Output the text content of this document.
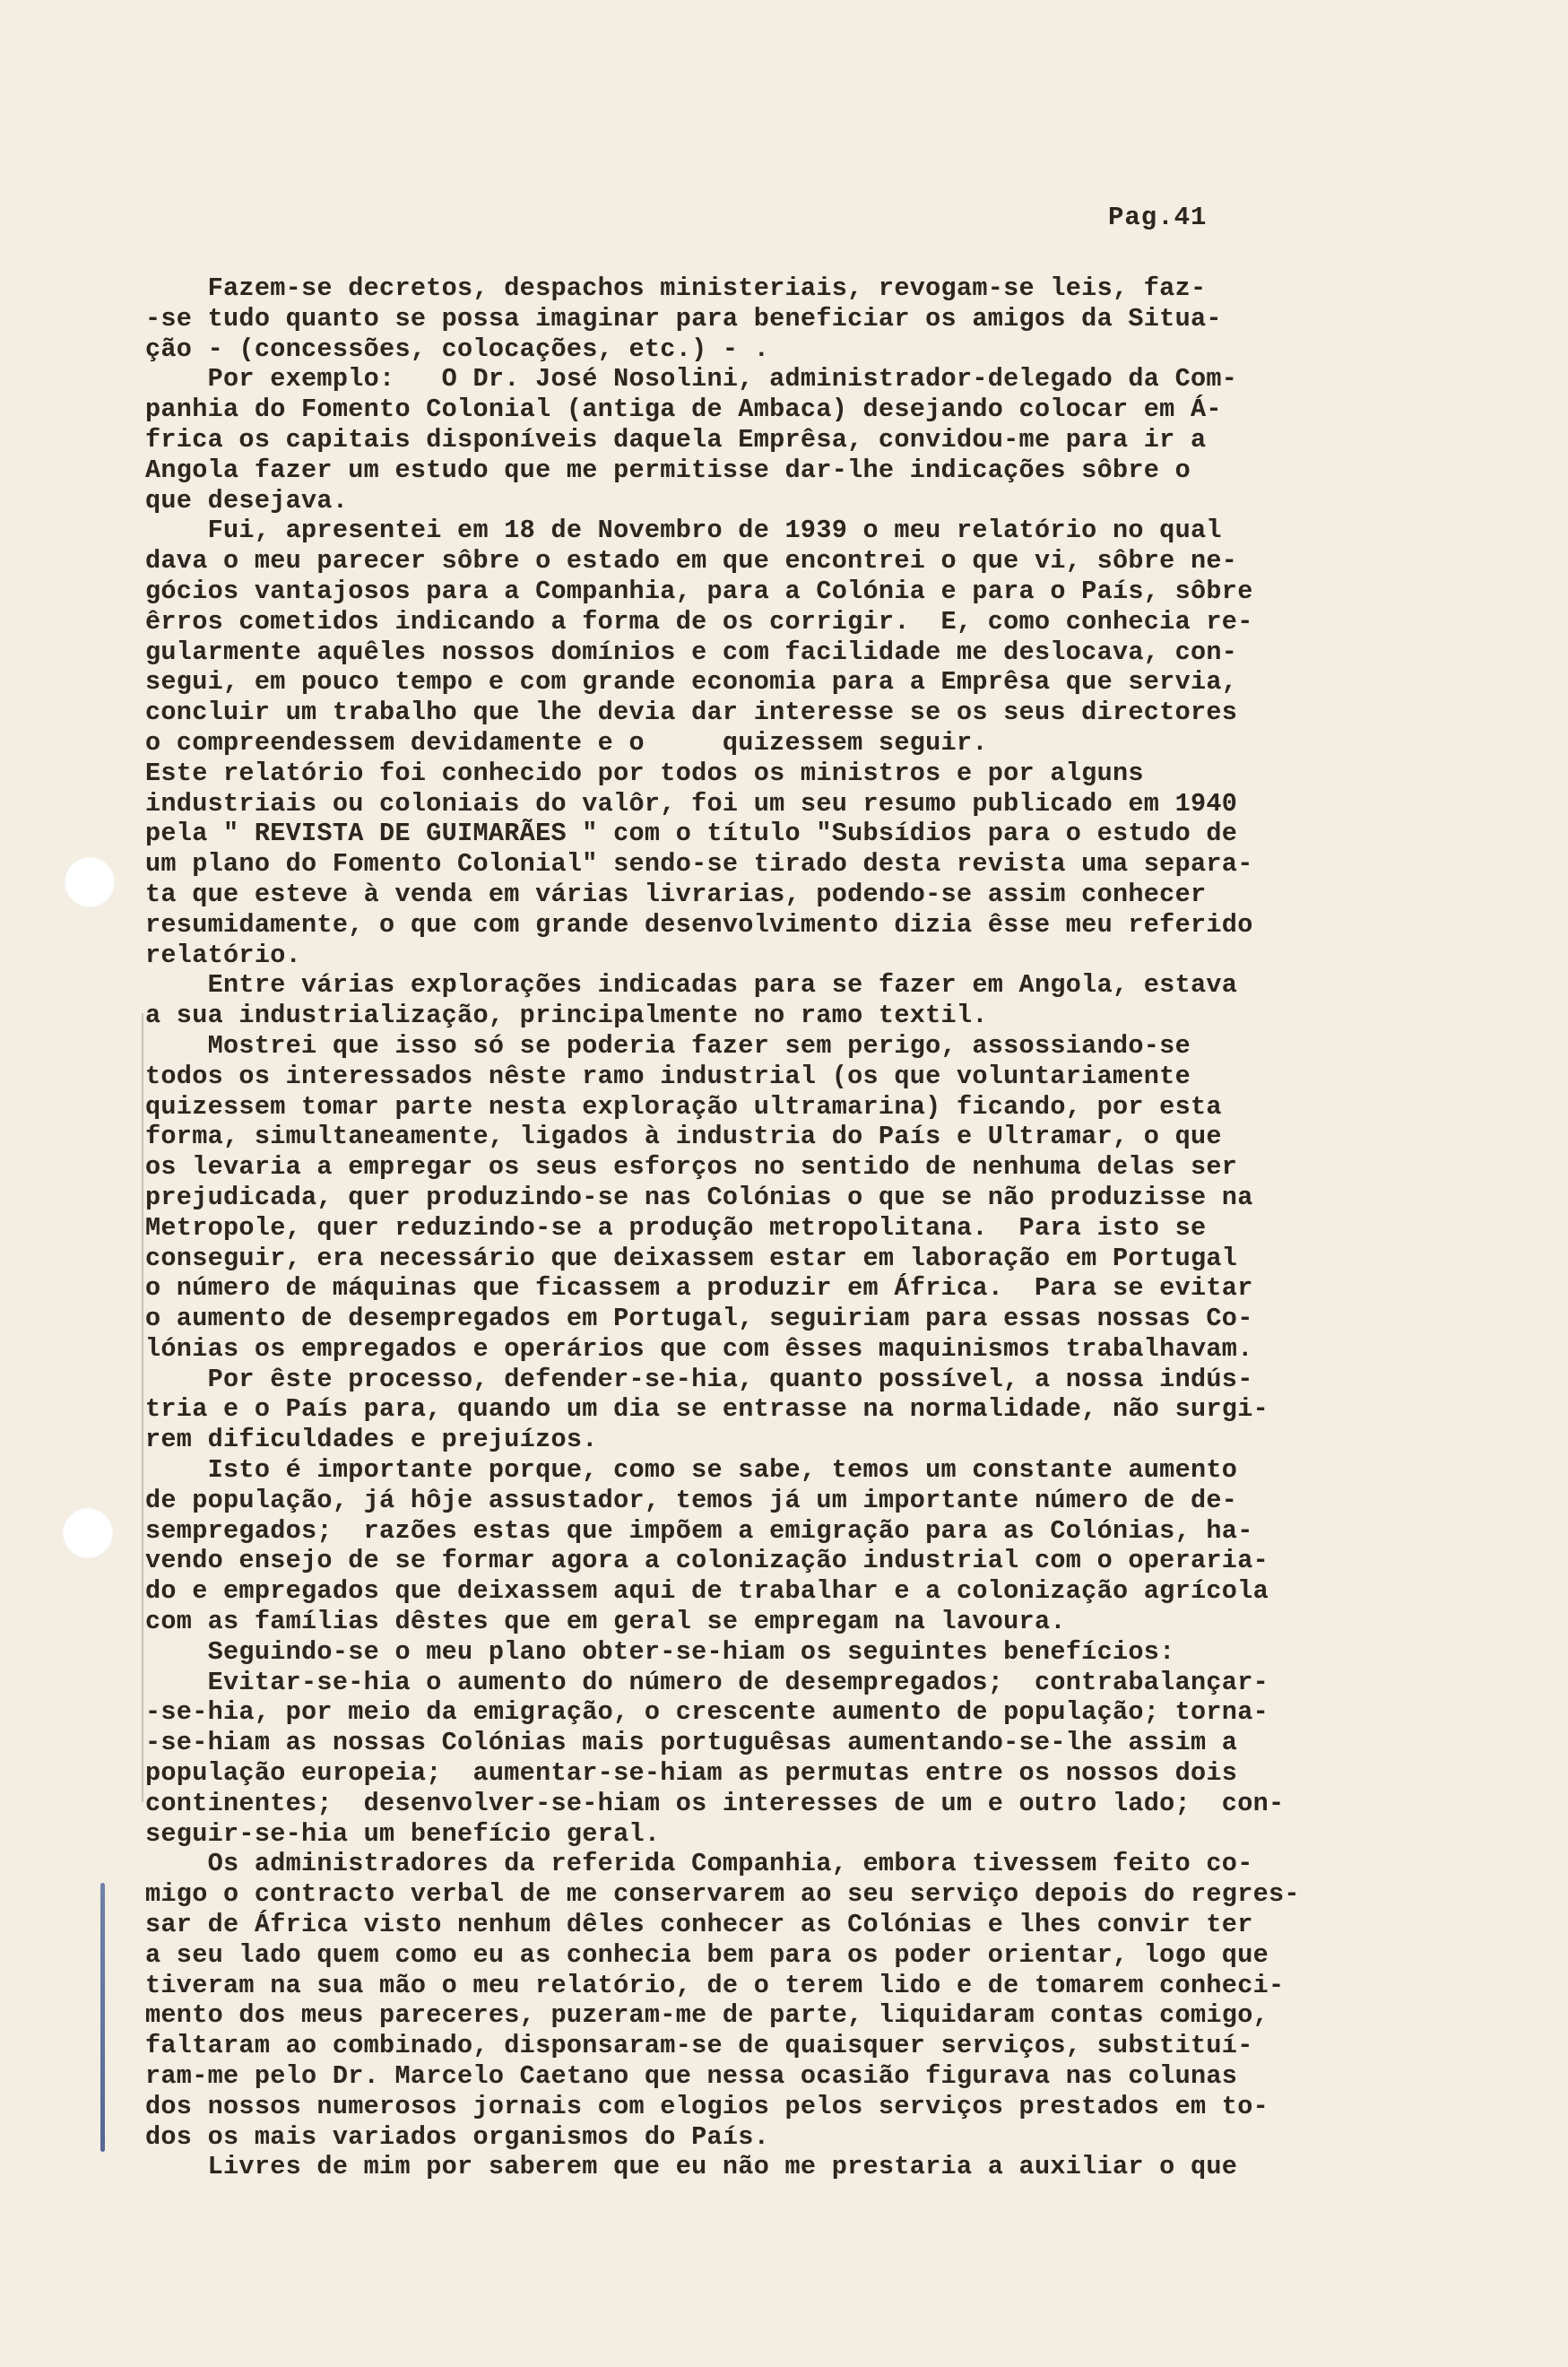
Pag.41
Fazem-se decretos, despachos ministeriais, revogam-se leis, faz-
-se tudo quanto se possa imaginar para beneficiar os amigos da Situa-
ção - (concessões, colocações, etc.) - .
Por exemplo:   O Dr. José Nosolini, administrador-delegado da Com-
panhia do Fomento Colonial (antiga de Ambaca) desejando colocar em Á-
frica os capitais disponíveis daquela Emprêsa, convidou-me para ir a
Angola fazer um estudo que me permitisse dar-lhe indicações sôbre o
que desejava.
Fui, apresentei em 18 de Novembro de 1939 o meu relatório no qual
dava o meu parecer sôbre o estado em que encontrei o que vi, sôbre ne-
gócios vantajosos para a Companhia, para a Colónia e para o País, sôbre
êrros cometidos indicando a forma de os corrigir.  E, como conhecia re-
gularmente aquêles nossos domínios e com facilidade me deslocava, con-
segui, em pouco tempo e com grande economia para a Emprêsa que servia,
concluir um trabalho que lhe devia dar interesse se os seus directores
o compreendessem devidamente e o     quizessem seguir.
Este relatório foi conhecido por todos os ministros e por alguns
industriais ou coloniais do valôr, foi um seu resumo publicado em 1940
pela " REVISTA DE GUIMARÃES " com o título "Subsídios para o estudo de
um plano do Fomento Colonial" sendo-se tirado desta revista uma separa-
ta que esteve à venda em várias livrarias, podendo-se assim conhecer
resumidamente, o que com grande desenvolvimento dizia êsse meu referido
relatório.
Entre várias explorações indicadas para se fazer em Angola, estava
a sua industrialização, principalmente no ramo textil.
Mostrei que isso só se poderia fazer sem perigo, assossiando-se
todos os interessados nêste ramo industrial (os que voluntariamente
quizessem tomar parte nesta exploração ultramarina) ficando, por esta
forma, simultaneamente, ligados à industria do País e Ultramar, o que
os levaria a empregar os seus esforços no sentido de nenhuma delas ser
prejudicada, quer produzindo-se nas Colónias o que se não produzisse na
Metropole, quer reduzindo-se a produção metropolitana.  Para isto se
conseguir, era necessário que deixassem estar em laboração em Portugal
o número de máquinas que ficassem a produzir em África.  Para se evitar
o aumento de desempregados em Portugal, seguiriam para essas nossas Co-
lónias os empregados e operários que com êsses maquinismos trabalhavam.
Por êste processo, defender-se-hia, quanto possível, a nossa indús-
tria e o País para, quando um dia se entrasse na normalidade, não surgi-
rem dificuldades e prejuízos.
Isto é importante porque, como se sabe, temos um constante aumento
de população, já hôje assustador, temos já um importante número de de-
sempregados;  razões estas que impõem a emigração para as Colónias, ha-
vendo ensejo de se formar agora a colonização industrial com o operaria-
do e empregados que deixassem aqui de trabalhar e a colonização agrícola
com as famílias dêstes que em geral se empregam na lavoura.
Seguindo-se o meu plano obter-se-hiam os seguintes benefícios:
Evitar-se-hia o aumento do número de desempregados;  contrabalançar-
-se-hia, por meio da emigração, o crescente aumento de população; torna-
-se-hiam as nossas Colónias mais portuguêsas aumentando-se-lhe assim a
população europeia;  aumentar-se-hiam as permutas entre os nossos dois
continentes;  desenvolver-se-hiam os interesses de um e outro lado;  con-
seguir-se-hia um benefício geral.
Os administradores da referida Companhia, embora tivessem feito co-
migo o contracto verbal de me conservarem ao seu serviço depois do regres-
sar de África visto nenhum dêles conhecer as Colónias e lhes convir ter
a seu lado quem como eu as conhecia bem para os poder orientar, logo que
tiveram na sua mão o meu relatório, de o terem lido e de tomarem conheci-
mento dos meus pareceres, puzeram-me de parte, liquidaram contas comigo,
faltaram ao combinado, disponsaram-se de quaisquer serviços, substituí-
ram-me pelo Dr. Marcelo Caetano que nessa ocasião figurava nas colunas
dos nossos numerosos jornais com elogios pelos serviços prestados em to-
dos os mais variados organismos do País.
Livres de mim por saberem que eu não me prestaria a auxiliar o que
